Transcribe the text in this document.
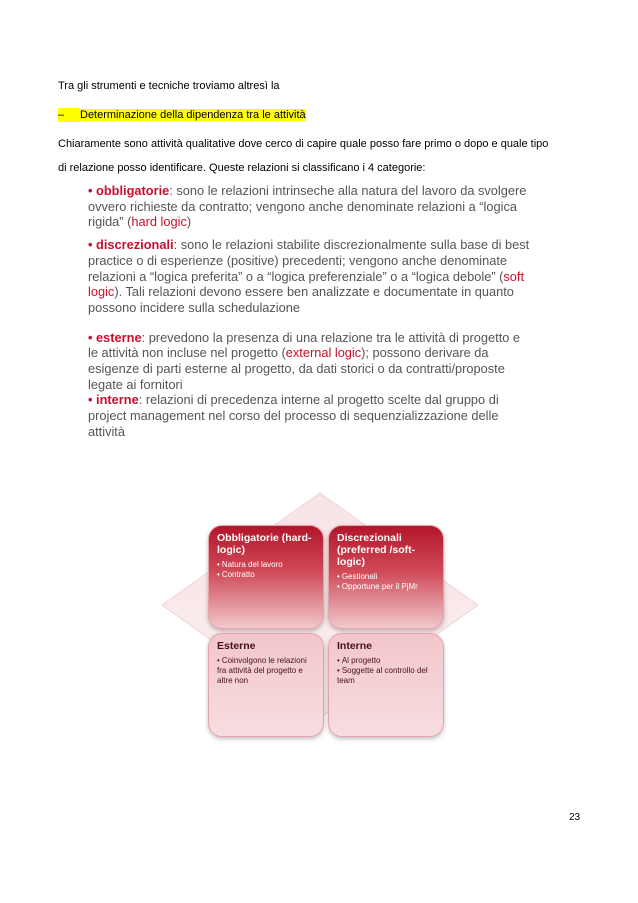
Tra gli strumenti e tecniche troviamo altresì la
– Determinazione della dipendenza tra le attività
Chiaramente sono attività qualitative dove cerco di capire quale posso fare primo o dopo e quale tipo
di relazione posso identificare. Queste relazioni si classificano i 4 categorie:
• obbligatorie: sono le relazioni intrinseche alla natura del lavoro da svolgere
ovvero richieste da contratto; vengono anche denominate relazioni a “logica
rigida” (hard logic)
• discrezionali: sono le relazioni stabilite discrezionalmente sulla base di best
practice o di esperienze (positive) precedenti; vengono anche denominate
relazioni a “logica preferita” o a “logica preferenziale” o a “logica debole” (soft
logic). Tali relazioni devono essere ben analizzate e documentate in quanto
possono incidere sulla schedulazione
• esterne: prevedono la presenza di una relazione tra le attività di progetto e
le attività non incluse nel progetto (external logic); possono derivare da
esigenze di parti esterne al progetto, da dati storici o da contratti/proposte
legate ai fornitori
• interne: relazioni di precedenza interne al progetto scelte dal gruppo di
project management nel corso del processo di sequenzializzazione delle
attività
Obbligatorie (hard-logic)
• Natura del lavoro
• Contratto
Discrezionali (preferred /soft-logic)
• Gestionali
• Opportune per il PjMr
Esterne
• Coinvolgono le relazioni fra attività del progetto e altre non
Interne
• Al progetto
• Soggette al controllo del team
23
